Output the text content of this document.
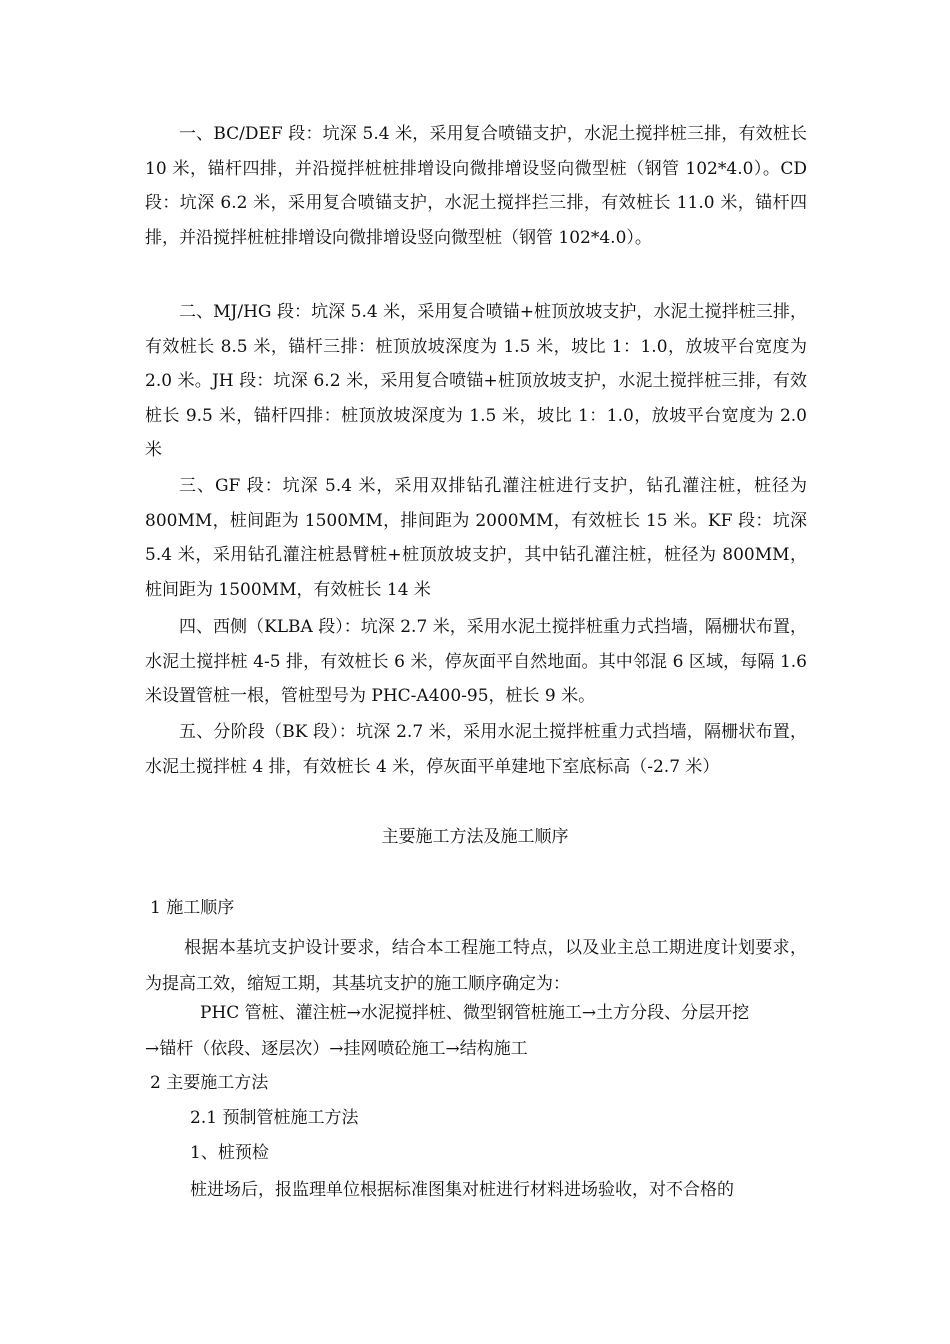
一、BC/DEF 段：坑深 5.4 米，采用复合喷锚支护，水泥土搅拌桩三排，有效桩长 10 米，锚杆四排，并沿搅拌桩桩排增设向微排增设竖向微型桩（钢管 102*4.0）。CD 段：坑深 6.2 米，采用复合喷锚支护，水泥土搅拌拦三排，有效桩长 11.0 米，锚杆四排，并沿搅拌桩桩排增设向微排增设竖向微型桩（钢管 102*4.0）。

二、MJ/HG 段：坑深 5.4 米，采用复合喷锚+桩顶放坡支护，水泥土搅拌桩三排，有效桩长 8.5 米，锚杆三排：桩顶放坡深度为 1.5 米，坡比 1：1.0，放坡平台宽度为 2.0 米。JH 段：坑深 6.2 米，采用复合喷锚+桩顶放坡支护，水泥土搅拌桩三排，有效桩长 9.5 米，锚杆四排：桩顶放坡深度为 1.5 米，坡比 1：1.0，放坡平台宽度为 2.0 米

三、GF 段：坑深 5.4 米，采用双排钻孔灌注桩进行支护，钻孔灌注桩，桩径为 800MM，桩间距为 1500MM，排间距为 2000MM，有效桩长 15 米。KF 段：坑深 5.4 米，采用钻孔灌注桩悬臂桩+桩顶放坡支护，其中钻孔灌注桩，桩径为 800MM，桩间距为 1500MM，有效桩长 14 米

四、西侧（KLBA 段）：坑深 2.7 米，采用水泥土搅拌桩重力式挡墙，隔栅状布置，水泥土搅拌桩 4-5 排，有效桩长 6 米，停灰面平自然地面。其中邻混 6 区域，每隔 1.6 米设置管桩一根，管桩型号为 PHC-A400-95，桩长 9 米。

五、分阶段（BK 段）：坑深 2.7 米，采用水泥土搅拌桩重力式挡墙，隔栅状布置，水泥土搅拌桩 4 排，有效桩长 4 米，停灰面平单建地下室底标高（-2.7 米）

主要施工方法及施工顺序

1 施工顺序

根据本基坑支护设计要求，结合本工程施工特点，以及业主总工期进度计划要求，为提高工效，缩短工期，其基坑支护的施工顺序确定为：

PHC 管桩、灌注桩→水泥搅拌桩、微型钢管桩施工→土方分段、分层开挖

→锚杆（依段、逐层次）→挂网喷砼施工→结构施工

2 主要施工方法

2.1 预制管桩施工方法

1、桩预检

桩进场后，报监理单位根据标准图集对桩进行材料进场验收，对不合格的
